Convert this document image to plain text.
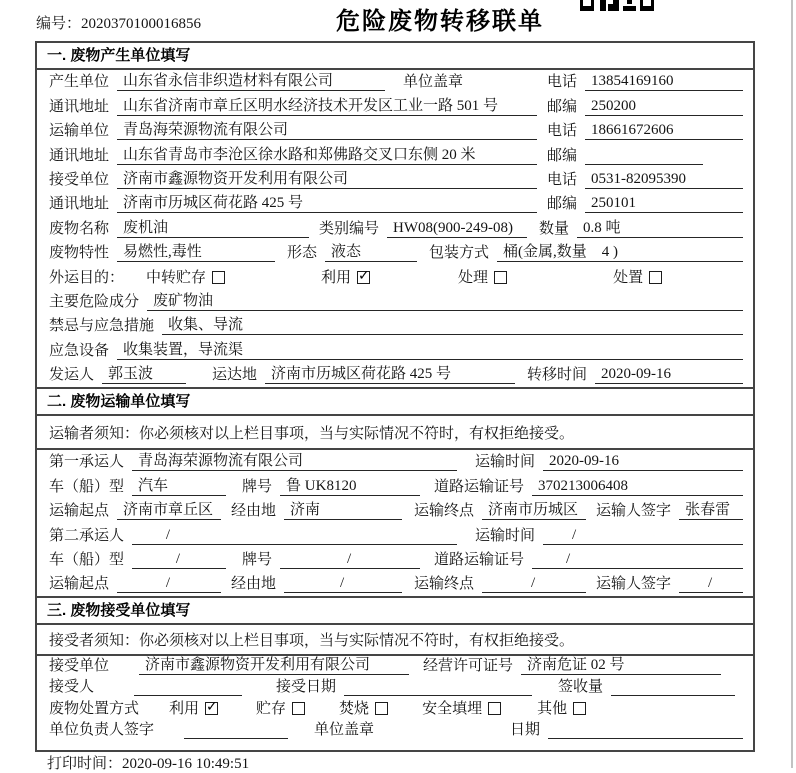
编号：2020370100016856	危险废物转移联单
一. 废物产生单位填写
产生单位 山东省永信非织造材料有限公司	单位盖章	电话 13854169160
通讯地址 山东省济南市章丘区明水经济技术开发区工业一路 501 号	邮编 250200
运输单位 青岛海荣源物流有限公司	电话 18661672606
通讯地址 山东省青岛市李沧区徐水路和郑佛路交叉口东侧 20 米	邮编
接受单位 济南市鑫源物资开发利用有限公司	电话 0531-82095390
通讯地址 济南市历城区荷花路 425 号	邮编 250101
废物名称 废机油	类别编号 HW08(900-249-08)	数量 0.8 吨
废物特性 易燃性,毒性	形态 液态	包装方式 桶(金属,数量　4 )
外运目的： 中转贮存	利用 ✓	处理	处置
主要危险成分 废矿物油
禁忌与应急措施 收集、导流
应急设备 收集装置，导流渠
发运人 郭玉波	运达地 济南市历城区荷花路 425 号	转移时间 2020-09-16
二. 废物运输单位填写
运输者须知：你必须核对以上栏目事项，当与实际情况不符时，有权拒绝接受。
第一承运人 青岛海荣源物流有限公司	运输时间 2020-09-16
车（船）型 汽车	牌号 鲁 UK8120	道路运输证号 370213006408
运输起点 济南市章丘区	经由地 济南	运输终点 济南市历城区	运输人签字 张春雷
第二承运人	/	运输时间	/
车（船）型	/	牌号	/	道路运输证号	/
运输起点	/	经由地	/	运输终点	/	运输人签字	/
三. 废物接受单位填写
接受者须知：你必须核对以上栏目事项，当与实际情况不符时，有权拒绝接受。
接受单位	济南市鑫源物资开发利用有限公司	经营许可证号 济南危证 02 号
接受人	接受日期	签收量
废物处置方式 利用 ✓	贮存	焚烧	安全填埋	其他
单位负责人签字	单位盖章	日期
打印时间：2020-09-16 10:49:51
